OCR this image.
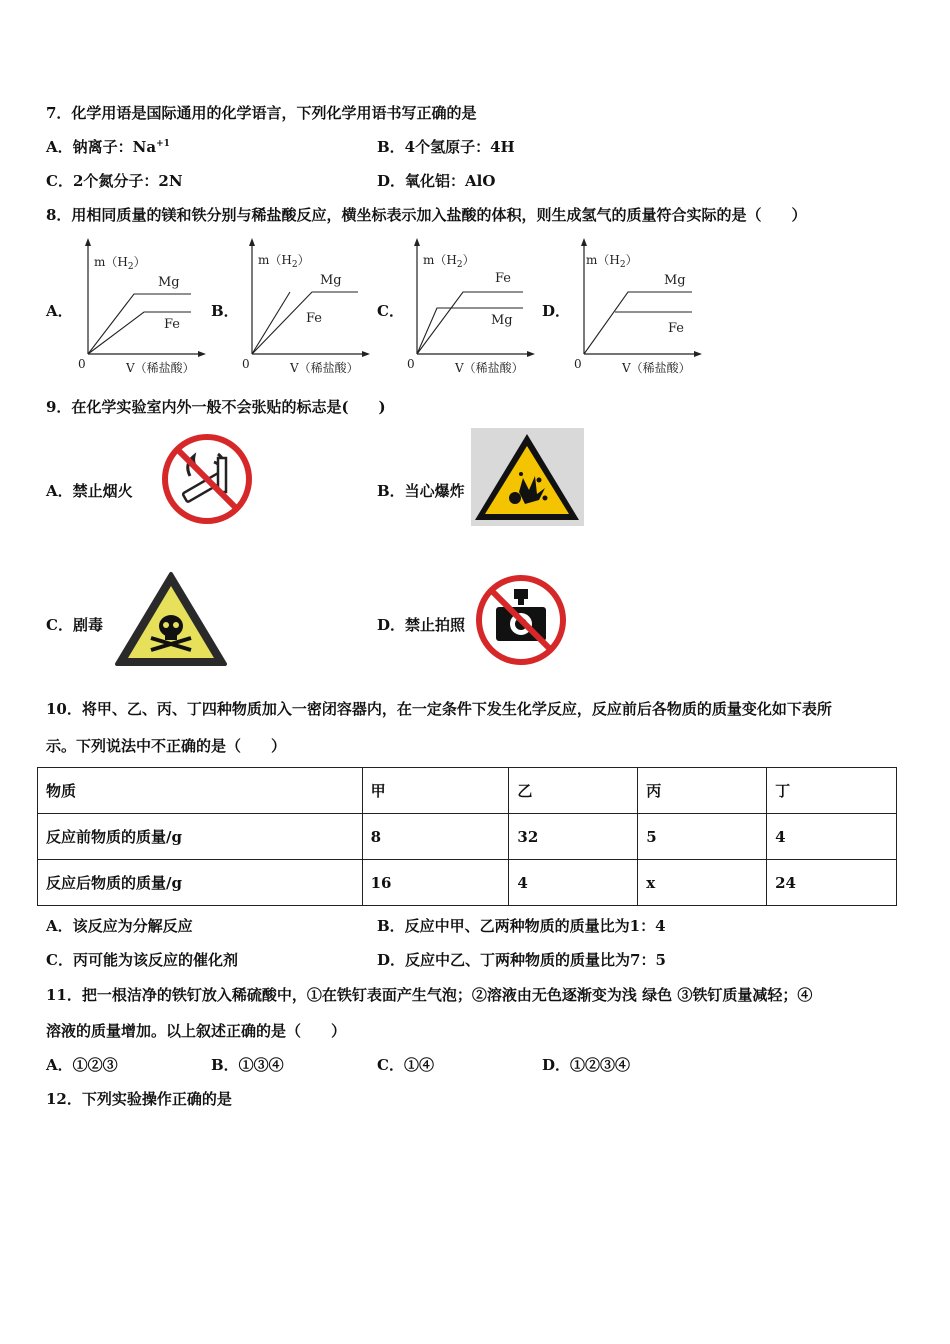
7．化学用语是国际通用的化学语言，下列化学用语书写正确的是
A．钠离子：$Na^{+1}$	B．4个氢原子：4H
C．2个氮分子：2N	D．氧化铝：AlO
8．用相同质量的镁和铁分别与稀盐酸反应，横坐标表示加入盐酸的体积，则生成氢气的质量符合实际的是（　　）
A．	B．	C．	D．
$m(H_2)$
0	V（稀盐酸）
Mg
Fe
$m(H_2)$
0	V（稀盐酸）
Mg
Fe
$m(H_2)$
0	V（稀盐酸）
Fe
Mg
$m(H_2)$
0	V（稀盐酸）
Mg
Fe
9．在化学实验室内外一般不会张贴的标志是(　　)
A．禁止烟火	B．当心爆炸
C．剧毒	D．禁止拍照
10．将甲、乙、丙、丁四种物质加入一密闭容器内，在一定条件下发生化学反应，反应前后各物质的质量变化如下表所
示。下列说法中不正确的是（　　）
物质	甲	乙	丙	丁
反应前物质的质量/g	8	32	5	4
反应后物质的质量/g	16	4	x	24
A．该反应为分解反应	B．反应中甲、乙两种物质的质量比为1：4
C．丙可能为该反应的催化剂	D．反应中乙、丁两种物质的质量比为7：5
11．把一根洁净的铁钉放入稀硫酸中，①在铁钉表面产生气泡；②溶液由无色逐渐变为浅 绿色 ③铁钉质量减轻；④
溶液的质量增加。以上叙述正确的是（　　）
A．①②③	B．①③④	C．①④	D．①②③④
12．下列实验操作正确的是
